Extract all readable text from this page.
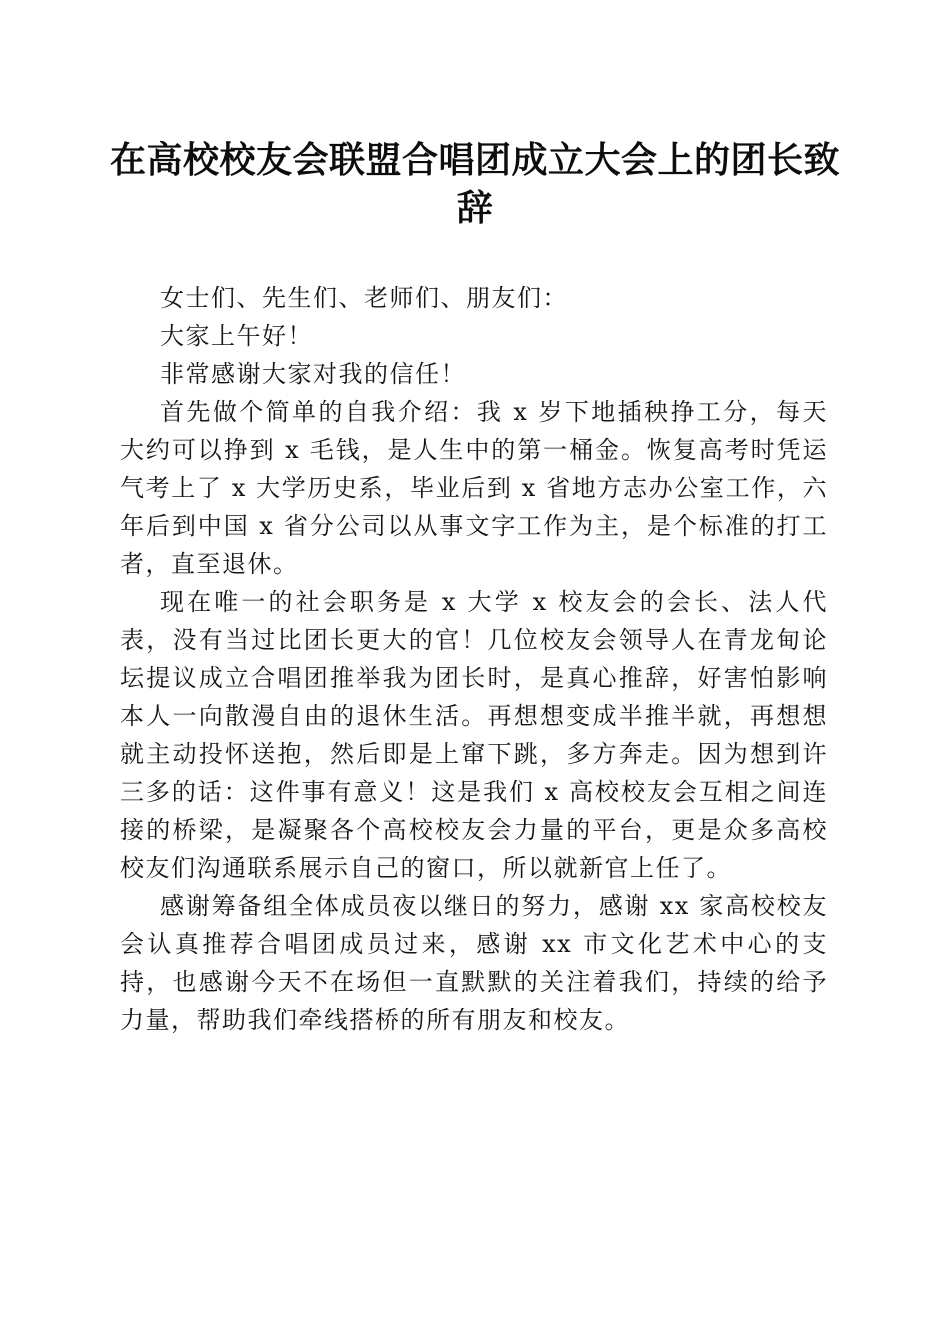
在高校校友会联盟合唱团成立大会上的团长致辞

女士们、先生们、老师们、朋友们：

大家上午好！

非常感谢大家对我的信任！

首先做个简单的自我介绍：我 x 岁下地插秧挣工分，每天大约可以挣到 x 毛钱，是人生中的第一桶金。恢复高考时凭运气考上了 x 大学历史系，毕业后到 x 省地方志办公室工作，六年后到中国 x 省分公司以从事文字工作为主，是个标准的打工者，直至退休。

现在唯一的社会职务是 x 大学 x 校友会的会长、法人代表，没有当过比团长更大的官！几位校友会领导人在青龙甸论坛提议成立合唱团推举我为团长时，是真心推辞，好害怕影响本人一向散漫自由的退休生活。再想想变成半推半就，再想想就主动投怀送抱，然后即是上窜下跳，多方奔走。因为想到许三多的话：这件事有意义！这是我们 x 高校校友会互相之间连接的桥梁，是凝聚各个高校校友会力量的平台，更是众多高校校友们沟通联系展示自己的窗口，所以就新官上任了。

感谢筹备组全体成员夜以继日的努力，感谢 xx 家高校校友会认真推荐合唱团成员过来，感谢 xx 市文化艺术中心的支持，也感谢今天不在场但一直默默的关注着我们，持续的给予力量，帮助我们牵线搭桥的所有朋友和校友。
